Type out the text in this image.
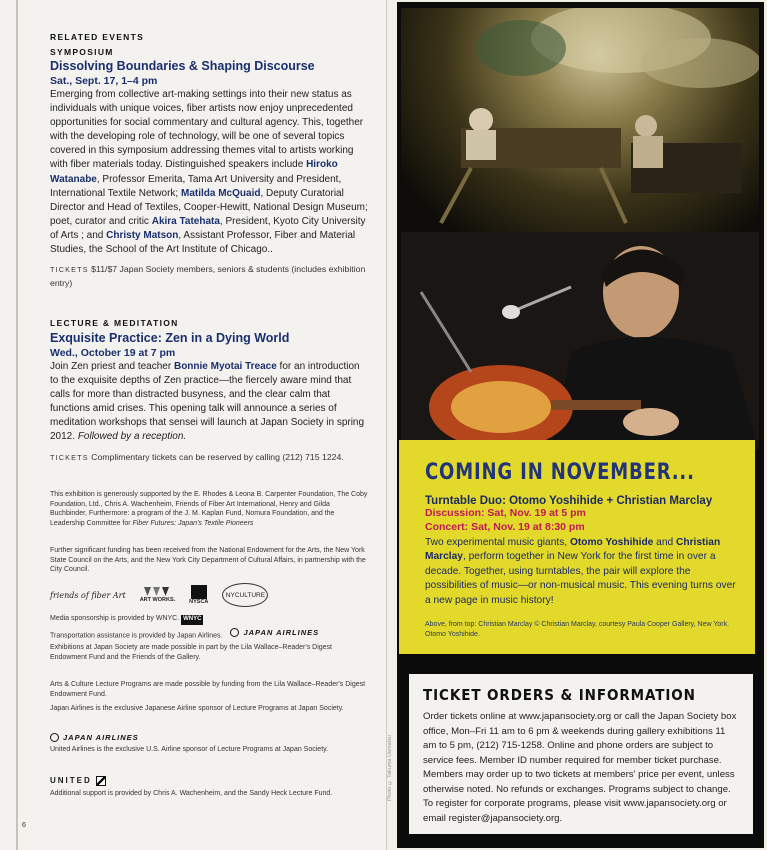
RELATED EVENTS
SYMPOSIUM
Dissolving Boundaries & Shaping Discourse
Sat., Sept. 17, 1–4 pm

Emerging from collective art-making settings into their new status as individuals with unique voices, fiber artists now enjoy unprecedented opportunities for social commentary and cultural agency. This, together with the developing role of technology, will be one of several topics covered in this symposium addressing themes vital to artists working with fiber materials today. Distinguished speakers include Hiroko Watanabe, Professor Emerita, Tama Art University and President, International Textile Network; Matilda McQuaid, Deputy Curatorial Director and Head of Textiles, Cooper-Hewitt, National Design Museum; poet, curator and critic Akira Tatehata, President, Kyoto City University of Arts ; and Christy Matson, Assistant Professor, Fiber and Material Studies, the School of the Art Institute of Chicago..

TICKETS $11/$7 Japan Society members, seniors & students (includes exhibition entry)

LECTURE & MEDITATION
Exquisite Practice: Zen in a Dying World
Wed., October 19 at 7 pm

Join Zen priest and teacher Bonnie Myotai Treace for an introduction to the exquisite depths of Zen practice—the fiercely aware mind that calls for more than distracted busyness, and the clear calm that functions amid crises. This opening talk will announce a series of meditation workshops that sensei will launch at Japan Society in spring 2012. Followed by a reception.

TICKETS Complimentary tickets can be reserved by calling (212) 715 1224.

This exhibition is generously supported by the E. Rhodes & Leona B. Carpenter Foundation, The Coby Foundation, Ltd., Chris A. Wachenheim, Friends of Fiber Art International, Henry and Gilda Buchbinder, Furthermore: a program of the J. M. Kaplan Fund, Nomura Foundation, and the Leadership Committee for Fiber Futures: Japan's Textile Pioneers
Further significant funding has been received from the National Endowment for the Arts, the New York State Council on the Arts, and the New York City Department of Cultural Affairs, in partnership with the City Council.
friends of fiber Art
ART WORKS.	NYSCA
NYCULTURE
Media sponsorship is provided by WNYC. WNYC
Transportation assistance is provided by Japan Airlines.	JAPAN AIRLINES
Exhibitions at Japan Society are made possible in part by the Lila Wallace–Reader's Digest Endowment Fund and the Friends of the Gallery.
Arts & Culture Lecture Programs are made possible by funding from the Lila Wallace–Reader's Digest Endowment Fund.
Japan Airlines is the exclusive Japanese Airline sponsor of Lecture Programs at Japan Society.
JAPAN AIRLINES
United Airlines is the exclusive U.S. Airline sponsor of Lecture Programs at Japan Society.
UNITED
Additional support is provided by Chris A. Wachenheim, and the Sandy Heck Lecture Fund.
6
Photo © Takuma Uematsu
COMING IN NOVEMBER...
Turntable Duo: Otomo Yoshihide + Christian Marclay
Discussion: Sat, Nov. 19 at 5 pm
Concert: Sat, Nov. 19 at 8:30 pm

Two experimental music giants, Otomo Yoshihide and Christian Marclay, perform together in New York for the first time in over a decade. Together, using turntables, the pair will explore the possibilities of music—or non-musical music. This evening turns over a new page in music history!

Above, from top: Christian Marclay © Christian Marclay, courtesy Paula Cooper Gallery, New York. Otomo Yoshihide.

TICKET ORDERS & INFORMATION

Order tickets online at www.japansociety.org or call the Japan Society box office, Mon–Fri 11 am to 6 pm & weekends during gallery exhibitions 11 am to 5 pm, (212) 715-1258. Online and phone orders are subject to service fees. Member ID number required for member ticket purchase. Members may order up to two tickets at members' price per event, unless otherwise noted. No refunds or exchanges. Programs subject to change. To register for corporate programs, please visit www.japansociety.org or email register@japansociety.org.
